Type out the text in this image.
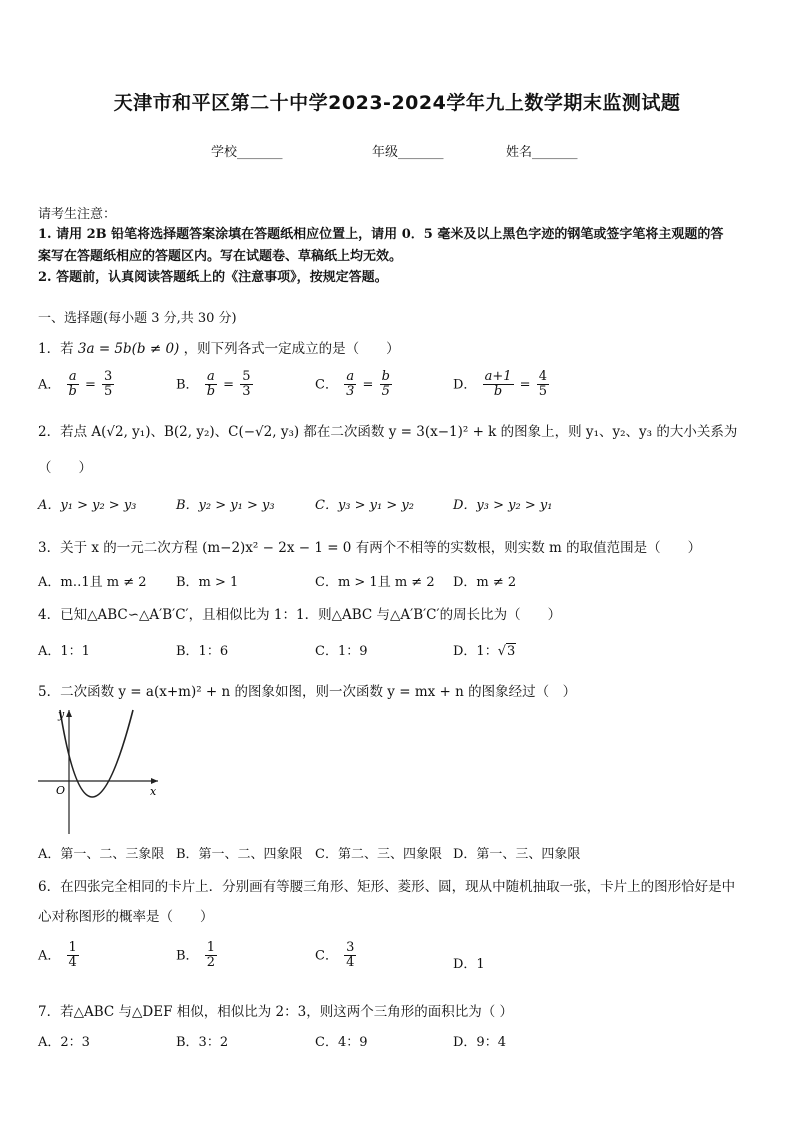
天津市和平区第二十中学2023-2024学年九上数学期末监测试题
学校_______	年级_______	姓名_______
请考生注意：
1. 请用 2B 铅笔将选择题答案涂填在答题纸相应位置上，请用 0．5 毫米及以上黑色字迹的钢笔或签字笔将主观题的答
案写在答题纸相应的答题区内。写在试题卷、草稿纸上均无效。
2. 答题前，认真阅读答题纸上的《注意事项》，按规定答题。
一、选择题(每小题 3 分,共 30 分)
1．若 3a = 5b(b ≠ 0) ，则下列各式一定成立的是（　　）
A． $\frac{a}{b} = \frac{3}{5}$	B． $\frac{a}{b} = \frac{5}{3}$	C． $\frac{a}{3} = \frac{b}{5}$	D． $\frac{a+1}{b} = \frac{4}{5}$
2．若点 A(√2, y₁)、B(2, y₂)、C(−√2, y₃) 都在二次函数 y = 3(x−1)² + k 的图象上，则 y₁、y₂、y₃ 的大小关系为
（　　）
A．y₁ > y₂ > y₃	B．y₂ > y₁ > y₃	C．y₃ > y₁ > y₂	D．y₃ > y₂ > y₁
3．关于 x 的一元二次方程 (m−2)x² − 2x − 1 = 0 有两个不相等的实数根，则实数 m 的取值范围是（　　）
A．m‥1且 m ≠ 2 B．m > 1	C．m > 1且 m ≠ 2 D．m ≠ 2
4．已知△ABC∽△A′B′C′，且相似比为 1：1．则△ABC 与△A′B′C′的周长比为（　　）
A．1：1	B．1：6	C．1：9	D．1：√3
5．二次函数 y = a(x+m)² + n 的图象如图，则一次函数 y = mx + n 的图象经过（　）
y
x
O
A．第一、二、三象限 B．第一、二、四象限 C．第二、三、四象限 D．第一、三、四象限
6．在四张完全相同的卡片上．分别画有等腰三角形、矩形、菱形、圆，现从中随机抽取一张，卡片上的图形恰好是中
心对称图形的概率是（　　）
A． $\frac{1}{4}$	B． $\frac{1}{2}$	C． $\frac{3}{4}$	D．1
7．若△ABC 与△DEF 相似，相似比为 2：3，则这两个三角形的面积比为（ ）
A．2：3	B．3：2	C．4：9	D．9：4
